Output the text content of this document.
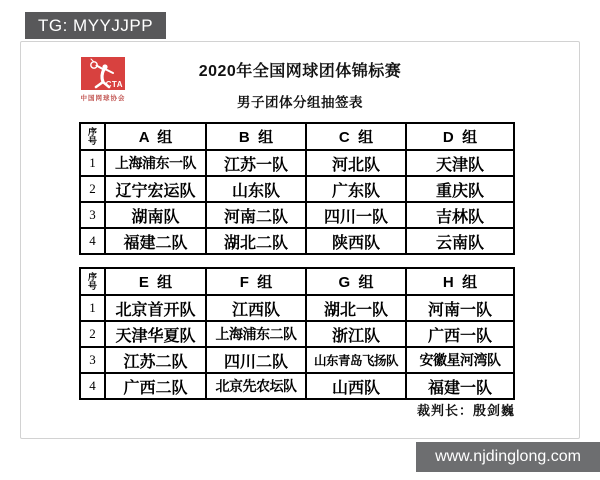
TG: MYYJJPP
CTA
中国网球协会
2020年全国网球团体锦标赛
男子团体分组抽签表
序号	A  组	B  组	C  组	D  组
1	上海浦东一队	江苏一队	河北队	天津队
2	辽宁宏运队	山东队	广东队	重庆队
3	湖南队	河南二队	四川一队	吉林队
4	福建二队	湖北二队	陕西队	云南队
序号	E  组	F  组	G  组	H  组
1	北京首开队	江西队	湖北一队	河南一队
2	天津华夏队	上海浦东二队	浙江队	广西一队
3	江苏二队	四川二队	山东青岛飞扬队	安徽星河湾队
4	广西二队	北京先农坛队	山西队	福建一队
裁判长：殷剑巍
www.njdinglong.com
